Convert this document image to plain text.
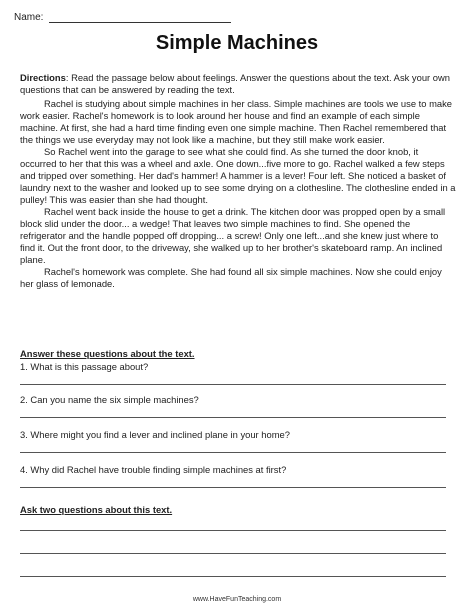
Name:
Simple Machines
Directions: Read the passage below about feelings. Answer the questions about the text. Ask your own questions that can be answered by reading the text.

Rachel is studying about simple machines in her class. Simple machines are tools we use to make work easier. Rachel's homework is to look around her house and find an example of each simple machine. At first, she had a hard time finding even one simple machine. Then Rachel remembered that the things we use everyday may not look like a machine, but they still make work easier.

So Rachel went into the garage to see what she could find. As she turned the door knob, it occurred to her that this was a wheel and axle. One down...five more to go. Rachel walked a few steps and tripped over something. Her dad's hammer! A hammer is a lever! Four left. She noticed a basket of laundry next to the washer and looked up to see some drying on a clothesline. The clothesline ended in a pulley! This was easier than she had thought.

Rachel went back inside the house to get a drink. The kitchen door was propped open by a small block slid under the door... a wedge! That leaves two simple machines to find. She opened the refrigerator and the handle popped off dropping... a screw! Only one left...and she knew just where to find it. Out the front door, to the driveway, she walked up to her brother's skateboard ramp. An inclined plane.

Rachel's homework was complete. She had found all six simple machines. Now she could enjoy her glass of lemonade.

Answer these questions about the text.
1. What is this passage about?
2. Can you name the six simple machines?
3. Where might you find a lever and inclined plane in your home?
4. Why did Rachel have trouble finding simple machines at first?
Ask two questions about this text.
www.HaveFunTeaching.com
